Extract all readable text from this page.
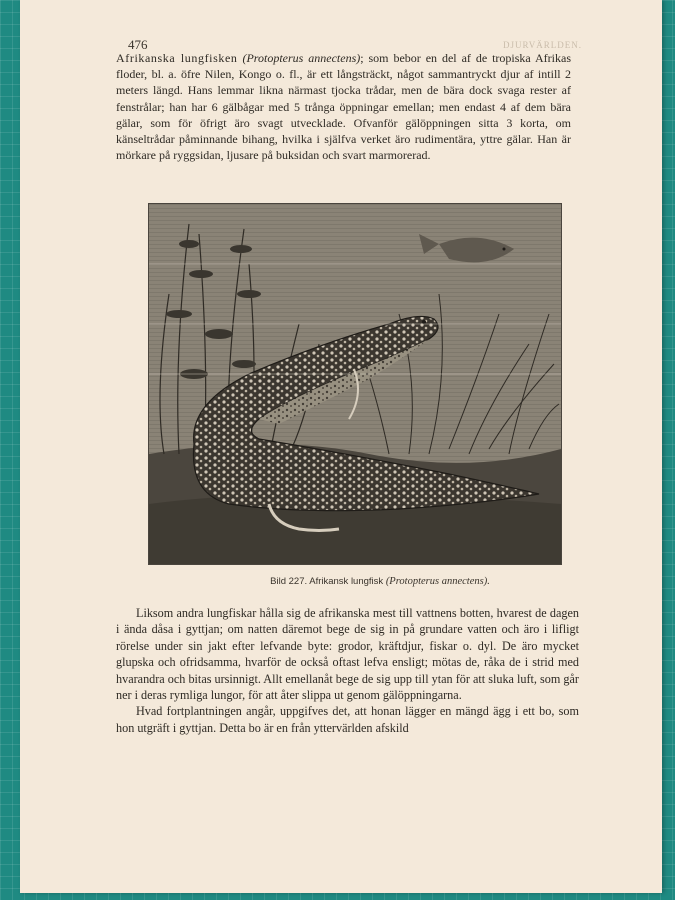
476	DJURVÄRLDEN.
Afrikanska lungfisken (Protopterus annectens); som bebor en del af de tropiska Afrikas floder, bl. a. öfre Nilen, Kongo o. fl., är ett långsträckt, något sammantryckt djur af intill 2 meters längd. Hans lemmar likna närmast tjocka trådar, men de bära dock svaga rester af fenstrålar; han har 6 gälbågar med 5 trånga öppningar emellan; men endast 4 af dem bära gälar, som för öfrigt äro svagt utvecklade. Ofvanför gälöppningen sitta 3 korta, om känseltrådar påminnande bihang, hvilka i själfva verket äro rudimentära, yttre gälar. Han är mörkare på ryggsidan, ljusare på buksidan och svart marmorerad.
Bild 227. Afrikansk lungfisk (Protopterus annectens).

Liksom andra lungfiskar hålla sig de afrikanska mest till vattnens botten, hvarest de dagen i ända dåsa i gyttjan; om natten däremot bege de sig in på grundare vatten och äro i lifligt rörelse under sin jakt efter lefvande byte: grodor, kräftdjur, fiskar o. dyl. De äro mycket glupska och ofridsamma, hvarför de också oftast lefva ensligt; mötas de, råka de i strid med hvarandra och bitas ursinnigt. Allt emellanåt bege de sig upp till ytan för att sluka luft, som går ner i deras rymliga lungor, för att åter slippa ut genom gälöppningarna.

Hvad fortplantningen angår, uppgifves det, att honan lägger en mängd ägg i ett bo, som hon utgräft i gyttjan. Detta bo är en från yttervärlden afskild
